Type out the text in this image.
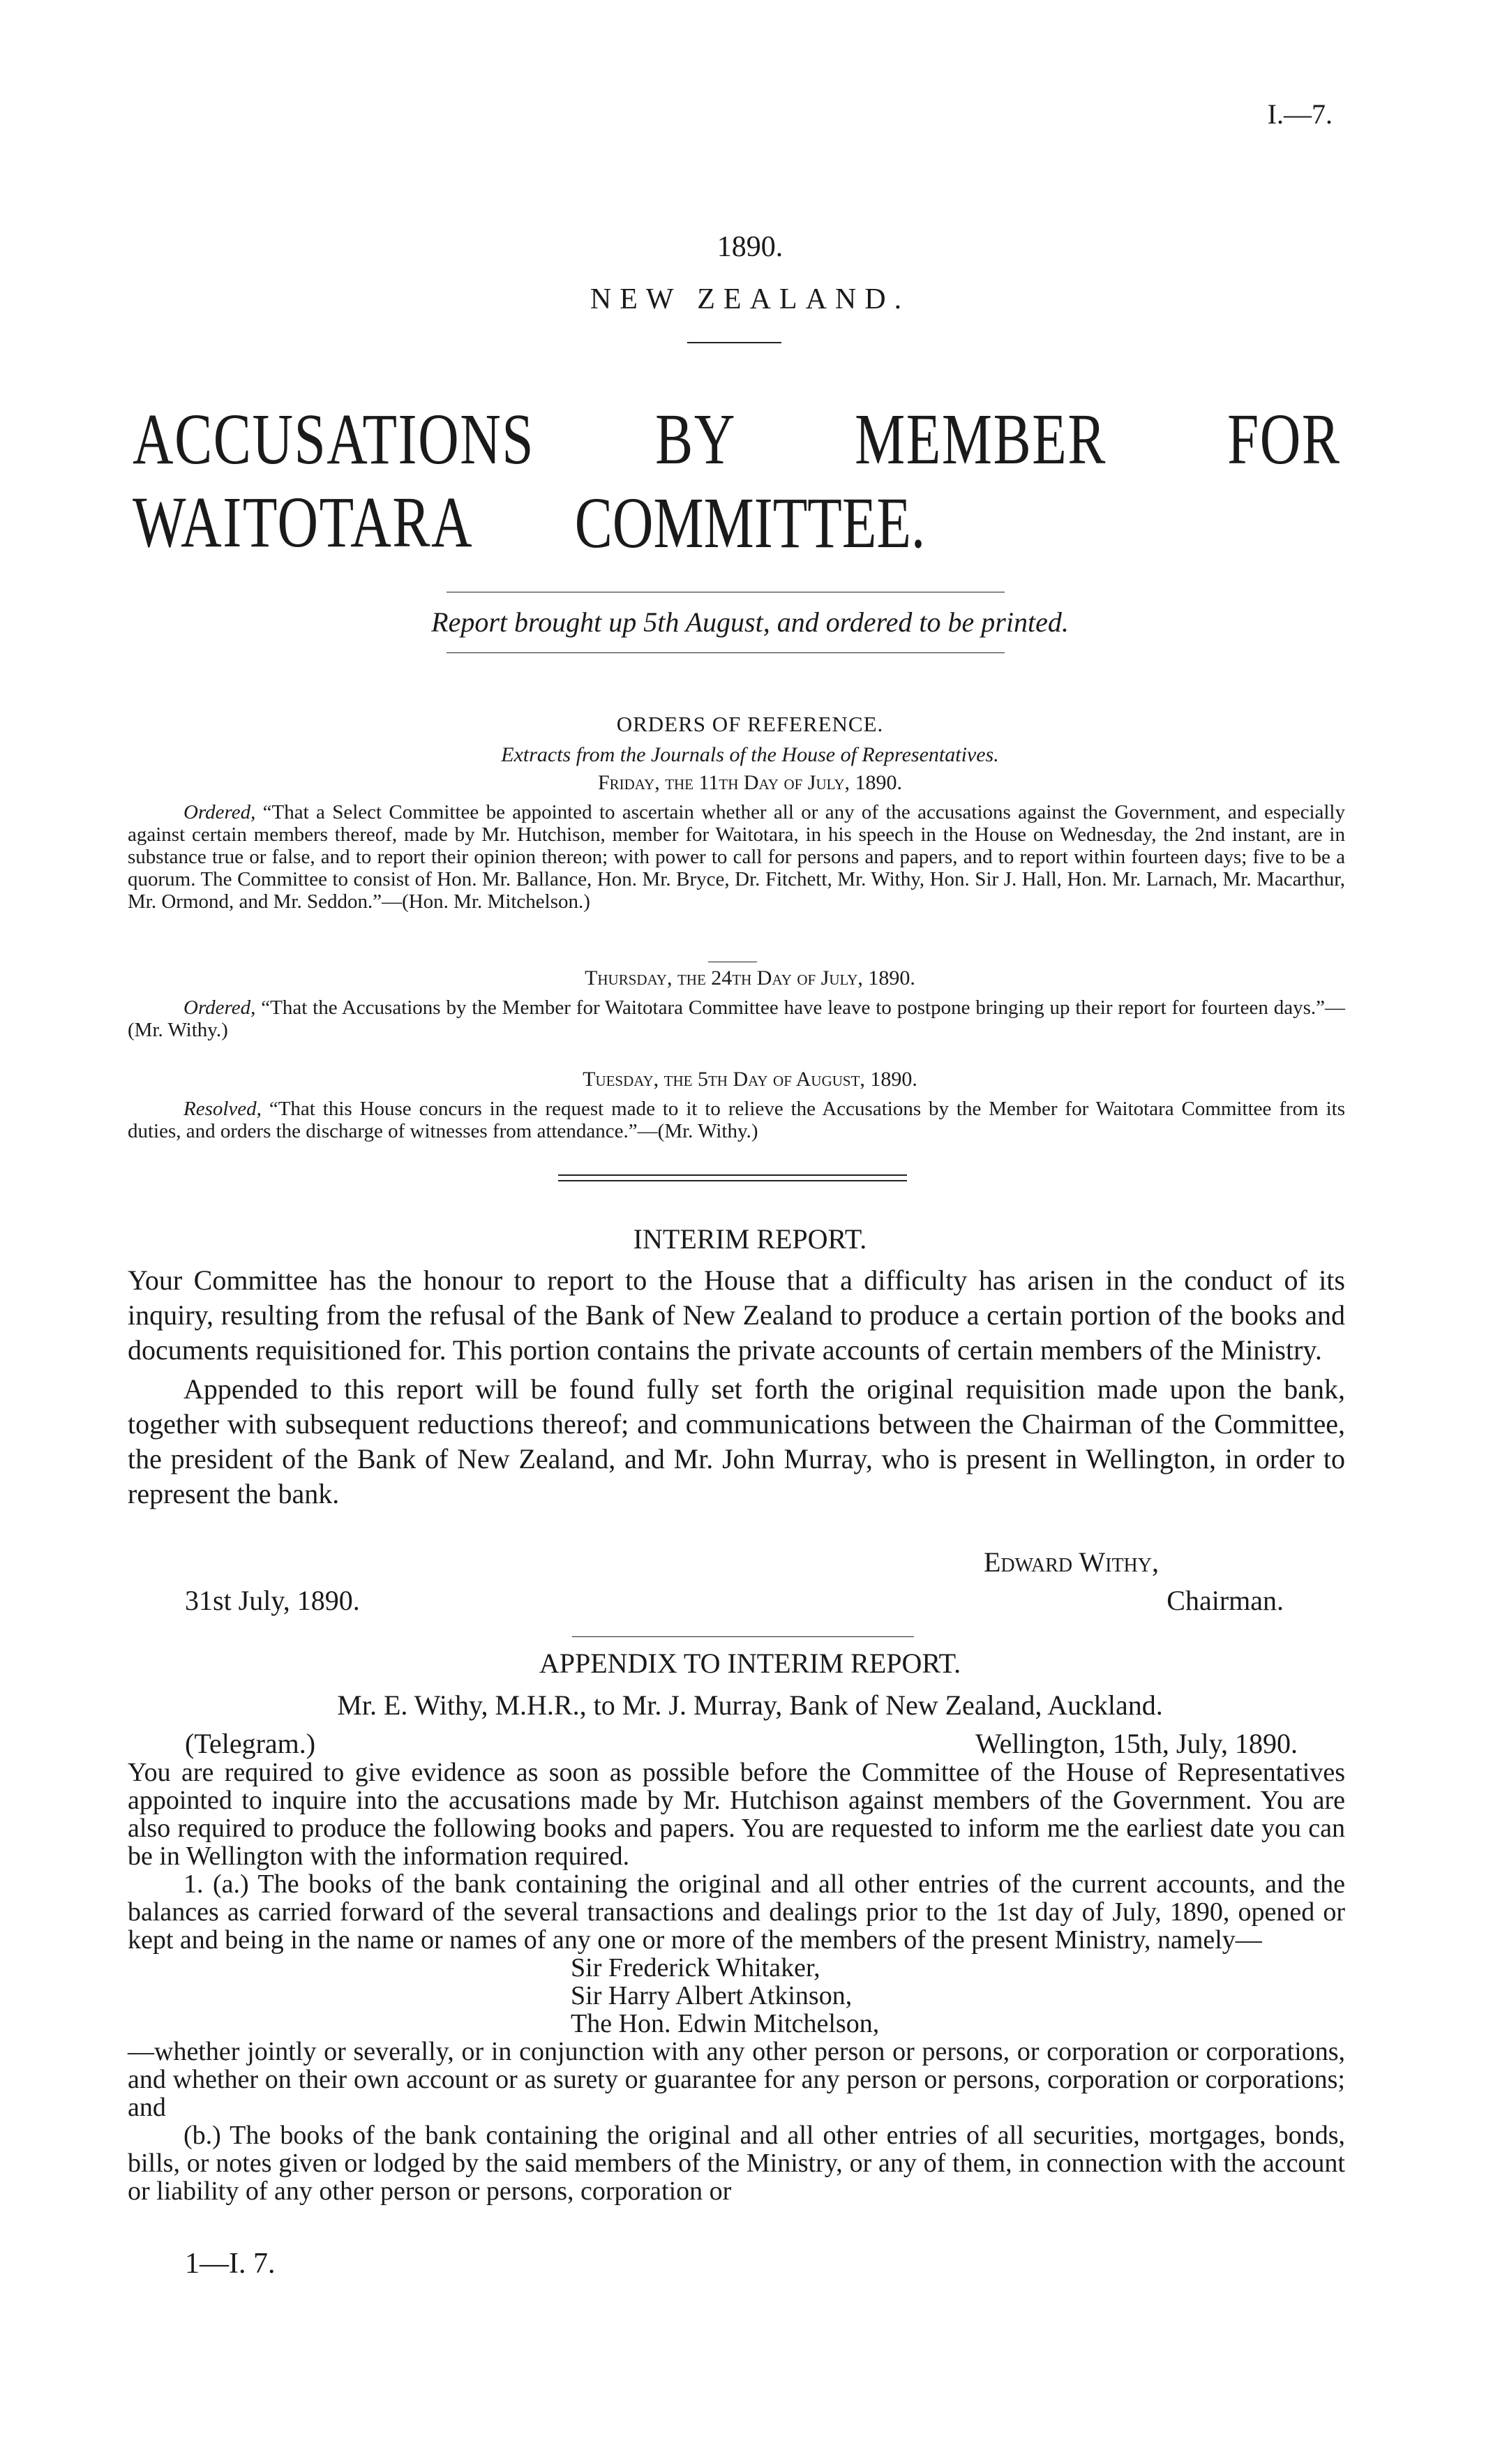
I.—7.
1890.
NEW ZEALAND.
ACCUSATIONS BY MEMBER FOR WAITOTARA	COMMITTEE.
Report brought up 5th August, and ordered to be printed.
ORDERS OF REFERENCE.
Extracts from the Journals of the House of Representatives.
Friday, the 11th Day of July, 1890.

Ordered, “That a Select Committee be appointed to ascertain whether all or any of the accusations against the Government, and especially against certain members thereof, made by Mr. Hutchison, member for Waitotara, in his speech in the House on Wednesday, the 2nd instant, are in substance true or false, and to report their opinion thereon; with power to call for persons and papers, and to report within fourteen days; five to be a quorum. The Committee to consist of Hon. Mr. Ballance, Hon. Mr. Bryce, Dr. Fitchett, Mr. Withy, Hon. Sir J. Hall, Hon. Mr. Larnach, Mr. Macarthur, Mr. Ormond, and Mr. Seddon.”—(Hon. Mr. Mitchelson.)

Thursday, the 24th Day of July, 1890.

Ordered, “That the Accusations by the Member for Waitotara Committee have leave to postpone bringing up their report for fourteen days.”—(Mr. Withy.)

Tuesday, the 5th Day of August, 1890.

Resolved, “That this House concurs in the request made to it to relieve the Accusations by the Member for Waitotara Committee from its duties, and orders the discharge of witnesses from attendance.”—(Mr. Withy.)

INTERIM REPORT.

Your Committee has the honour to report to the House that a difficulty has arisen in the conduct of its inquiry, resulting from the refusal of the Bank of New Zealand to produce a certain portion of the books and documents requisitioned for. This portion contains the private accounts of certain members of the Ministry.

Appended to this report will be found fully set forth the original requisition made upon the bank, together with subsequent reductions thereof; and communications between the Chairman of the Committee, the president of the Bank of New Zealand, and Mr. John Murray, who is present in Wellington, in order to represent the bank.

Edward Withy,
31st July, 1890.	Chairman.
APPENDIX TO INTERIM REPORT.
Mr. E. Withy, M.H.R., to Mr. J. Murray, Bank of New Zealand, Auckland.
(Telegram.)	Wellington, 15th, July, 1890.

You are required to give evidence as soon as possible before the Committee of the House of Representatives appointed to inquire into the accusations made by Mr. Hutchison against members of the Government. You are also required to produce the following books and papers. You are requested to inform me the earliest date you can be in Wellington with the information required.

1. (a.) The books of the bank containing the original and all other entries of the current accounts, and the balances as carried forward of the several transactions and dealings prior to the 1st day of July, 1890, opened or kept and being in the name or names of any one or more of the members of the present Ministry, namely—

Sir Frederick Whitaker,
Sir Harry Albert Atkinson,
The Hon. Edwin Mitchelson,

—whether jointly or severally, or in conjunction with any other person or persons, or corporation or corporations, and whether on their own account or as surety or guarantee for any person or persons, corporation or corporations; and

(b.) The books of the bank containing the original and all other entries of all securities, mortgages, bonds, bills, or notes given or lodged by the said members of the Ministry, or any of them, in connection with the account or liability of any other person or persons, corporation or

1—I. 7.
